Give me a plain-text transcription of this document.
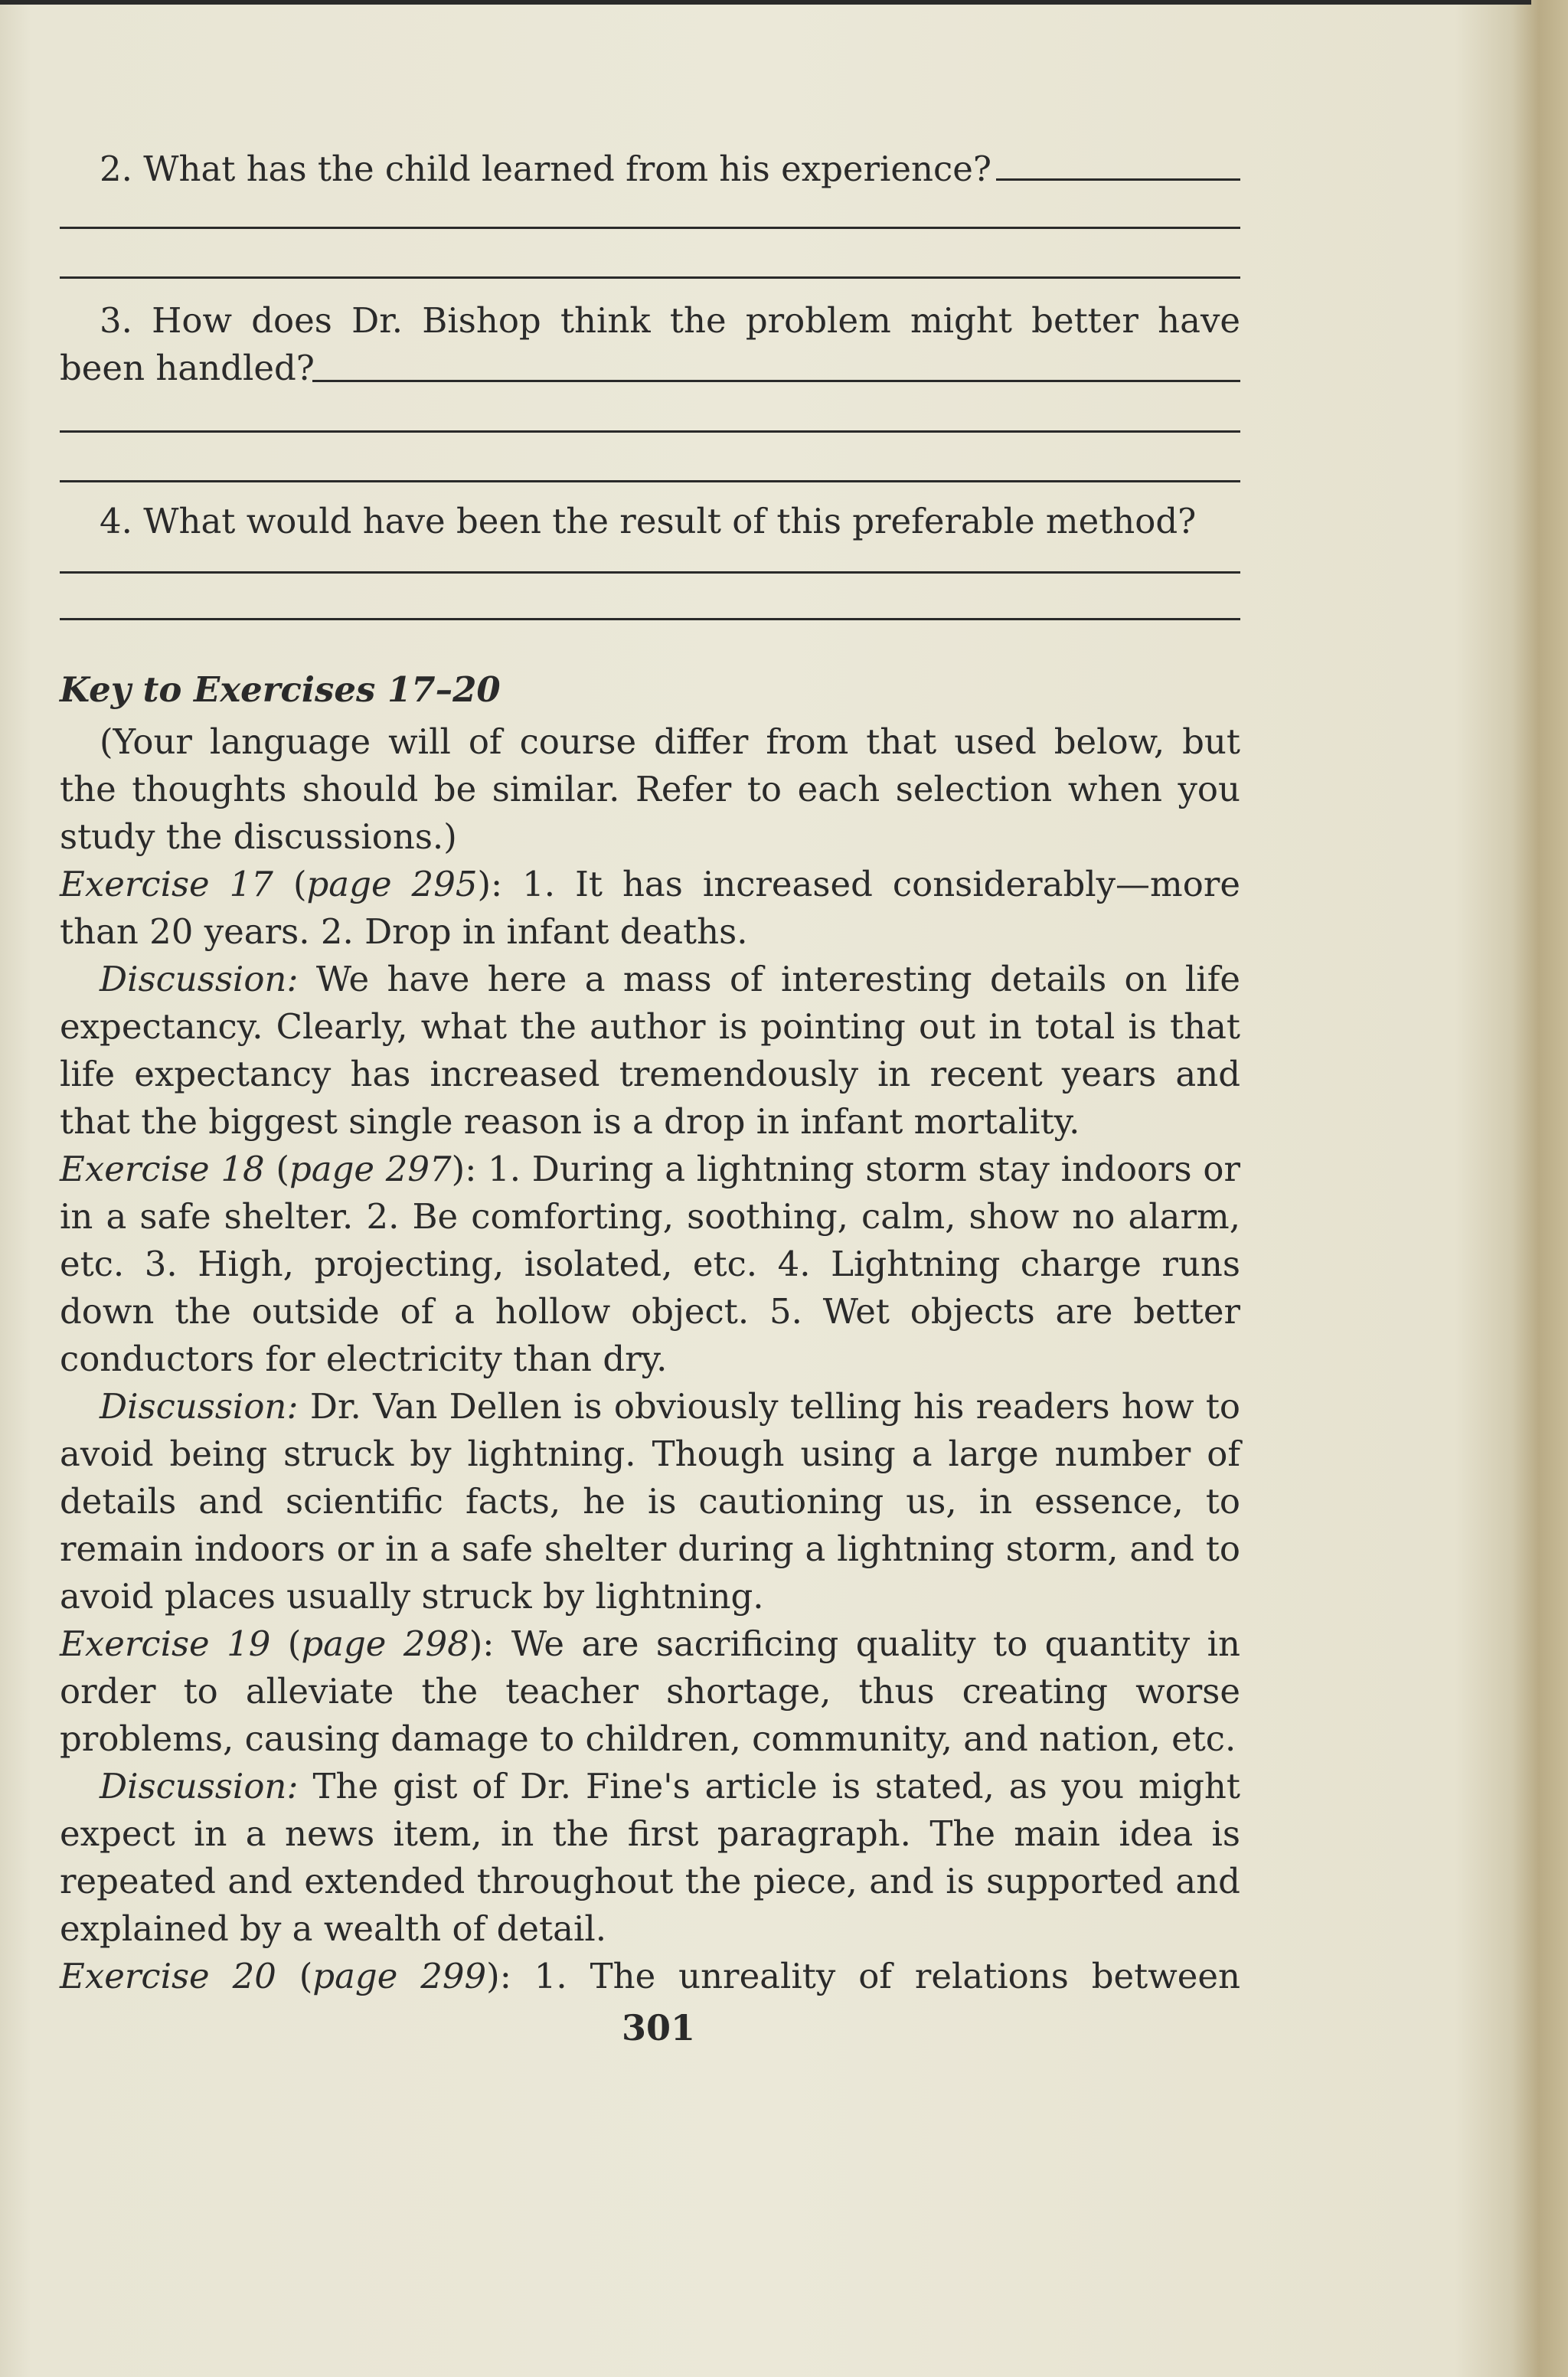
2. What has the child learned from his experience?

3. How does Dr. Bishop think the problem might better have been handled?

4. What would have been the result of this preferable method?

Key to Exercises 17–20

(Your language will of course differ from that used below, but the thoughts should be similar. Refer to each selection when you study the discussions.)

Exercise 17 (page 295): 1. It has increased considerably—more than 20 years. 2. Drop in infant deaths.

Discussion: We have here a mass of interesting details on life expectancy. Clearly, what the author is pointing out in total is that life expectancy has increased tremendously in recent years and that the biggest single reason is a drop in infant mortality.

Exercise 18 (page 297): 1. During a lightning storm stay indoors or in a safe shelter. 2. Be comforting, soothing, calm, show no alarm, etc. 3. High, projecting, isolated, etc. 4. Lightning charge runs down the outside of a hollow object. 5. Wet objects are better conductors for electricity than dry.

Discussion: Dr. Van Dellen is obviously telling his readers how to avoid being struck by lightning. Though using a large number of details and scientific facts, he is cautioning us, in essence, to remain indoors or in a safe shelter during a lightning storm, and to avoid places usually struck by lightning.

Exercise 19 (page 298): We are sacrificing quality to quantity in order to alleviate the teacher shortage, thus creating worse problems, causing damage to children, community, and nation, etc.

Discussion: The gist of Dr. Fine's article is stated, as you might expect in a news item, in the first paragraph. The main idea is repeated and extended throughout the piece, and is supported and explained by a wealth of detail.

Exercise 20 (page 299): 1. The unreality of relations between

301
